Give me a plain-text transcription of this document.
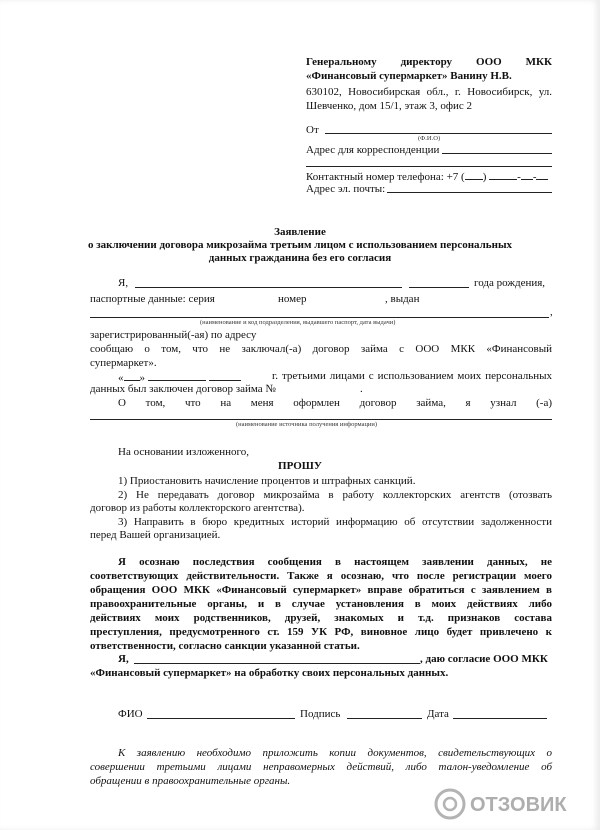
Генеральному директору ООО МКК
«Финансовый супермаркет» Ванину Н.В.
630102, Новосибирская обл., г. Новосибирск, ул.
Шевченко, дом 15/1, этаж 3, офис 2
От
(Ф.И.О)
Адрес для корреспонденции
Контактный номер телефона: +7 ( )	- -
Адрес эл. почты:
Заявление
о заключении договора микрозайма третьим лицом с использованием персональных
данных гражданина без его согласия
Я,	года рождения,
паспортные данные: серия	номер	, выдан
,
(наименование и код подразделения, выдавшего паспорт, дата выдачи)
зарегистрированный(-ая) по адресу
сообщаю о том, что не заключал(-а) договор займа с ООО МКК «Финансовый
супермаркет».
« »	г. третьими лицами с использованием моих персональных
данных был заключен договор займа №	.
О том, что на меня оформлен договор займа, я узнал (-а)
(наименование источника получения информации)
На основании изложенного,
ПРОШУ
1) Приостановить начисление процентов и штрафных санкций.
2) Не передавать договор микрозайма в работу коллекторских агентств (отозвать
договор из работы коллекторского агентства).
3) Направить в бюро кредитных историй информацию об отсутствии задолженности
перед Вашей организацией.
Я осознаю последствия сообщения в настоящем заявлении данных, не
соответствующих действительности. Также я осознаю, что после регистрации моего
обращения ООО МКК «Финансовый супермаркет» вправе обратиться с заявлением в
правоохранительные органы, и в случае установления в моих действиях либо
действиях моих родственников, друзей, знакомых и т.д. признаков состава
преступления, предусмотренного ст. 159 УК РФ, виновное лицо будет привлечено к
ответственности, согласно санкции указанной статьи.
Я,	, даю согласие ООО МКК
«Финансовый супермаркет» на обработку своих персональных данных.
ФИО	Подпись	Дата
К заявлению необходимо приложить копии документов, свидетельствующих о
совершении третьими лицами неправомерных действий, либо талон-уведомление об
обращении в правоохранительные органы.
ОТЗОВИК
